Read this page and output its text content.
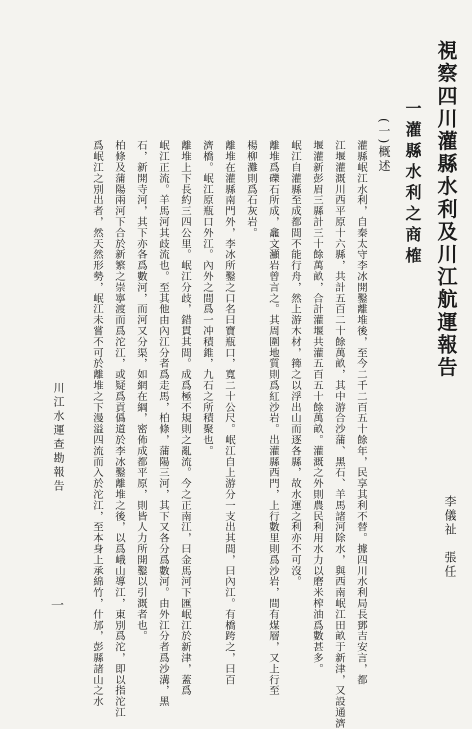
視察四川灌縣水利及川江航運報告
李儀祉　張任
一灌縣水利之商榷
(一)概述
灌縣岷江水利，自秦太守李冰開鑿離堆後，至今二千二百五十餘年，民享其利不替。據四川水利局長鄧吉安言，都
江堰灌溉川西平原十六縣，共計五百二十餘萬畝，其中游合沙蒲、黑石、羊馬諸河除水，與西南岷江田畝于新津，又設通濟
堰灌新彭眉三縣計三十餘萬畝，合計灌堰共灌五百五十餘萬畝。灌溉之外則農民利用水力以磨米榨油爲數甚多。
岷江自灌縣至成都間不能行舟，然上游木材，篺之以浮出山而逐各縣，故水運之利亦不可沒。
離堆爲礫石所成，龕文灦岩曾言之。其周圍地質則爲紅沙岩。出灌縣西門，上行數里則爲沙岩，間有煤層，又上行至
楊柳灘則爲石灰岩。
離堆在灌縣南門外，李冰所鑿之口名曰寶瓶口，寬二十公尺。岷江自上游分一支出其間，曰內江。有橋跨之，曰百
濟橋。岷江原瓶口外江。內外之間爲一冲積錐，九石之所積聚也。
離堆上下長約三四公里。岷江分歧，錯貫其間。成爲極不規則之亂流。今之正南江，曰金馬河下匯岷江於新津，蓋爲
岷江正流。羊馬河其歧流也。至其他由內江分者爲走馬，柏條，蒲陽三河，其下又各分爲數河。由外江分者爲沙溝，黑
石，新開寺河，其下亦各爲數河，而河又分渠，如網在綱，密佈成都平原，則皆人力所開鑿以引溉者也。
柏條及蒲陽兩河下合於新繁之崇寧渡而爲沱江，或疑爲貢僞道於李冰鑿離堆之後，以爲峨山導江，東別爲沱，即以指沱江
爲岷江之別出者，然天然形勢，岷江未嘗不可於離堆之下漫溢四流而入於沱江，至本身上承綿竹，什邡，彭縣諸山之水
川江水運查勘報告
一
